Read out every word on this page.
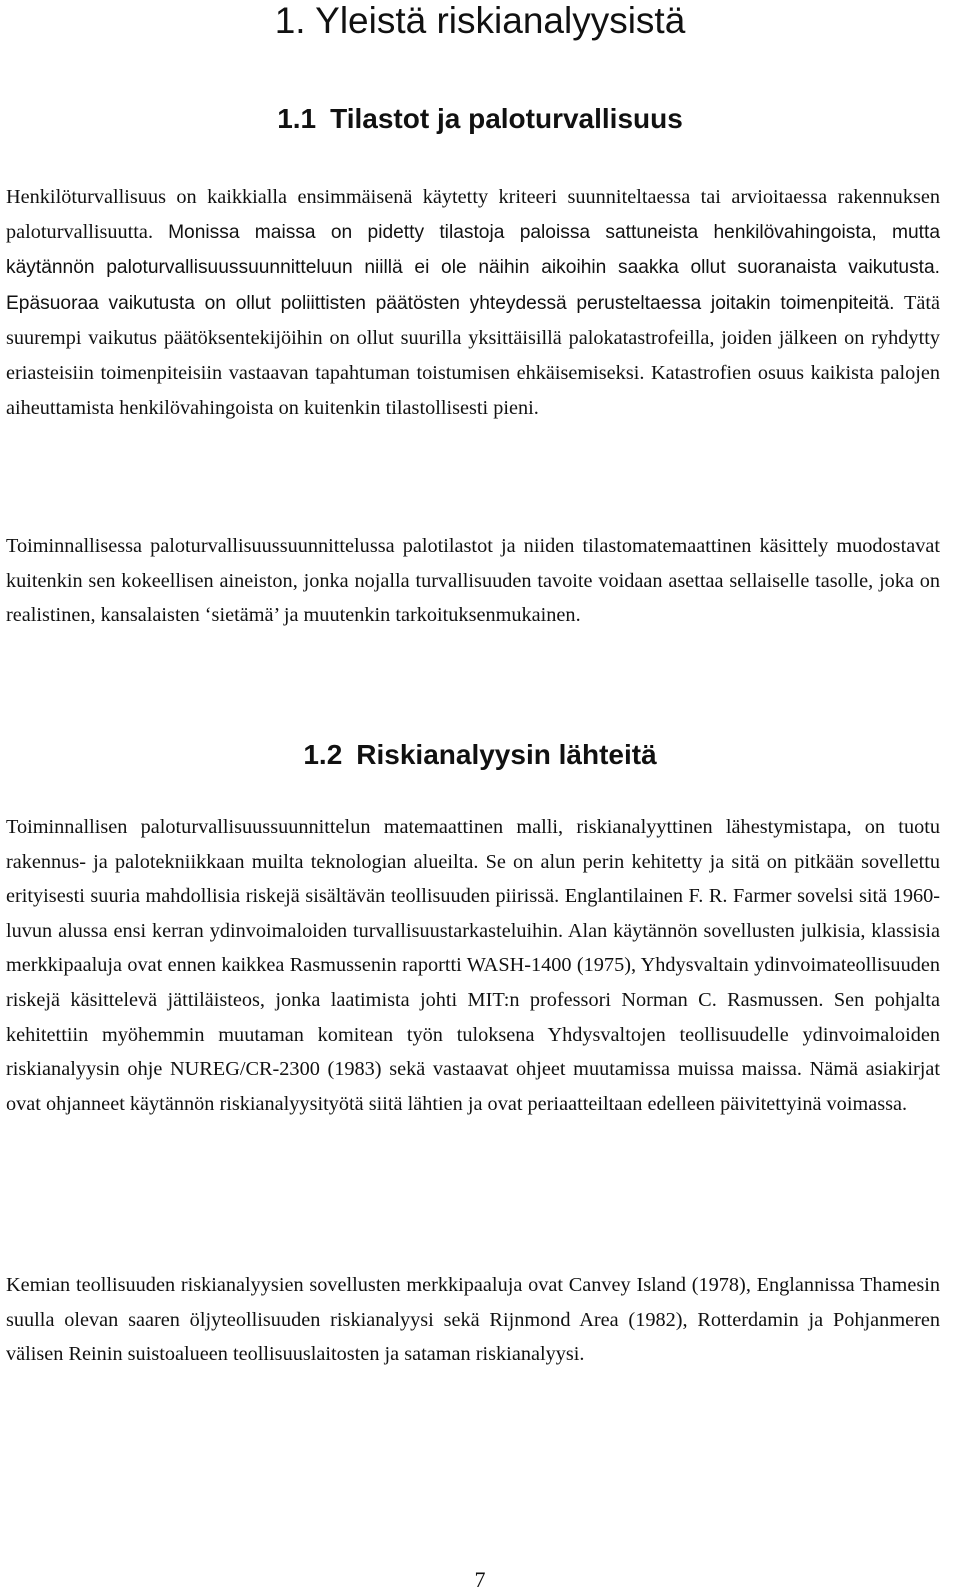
1. Yleistä riskianalyysistä
1.1 Tilastot ja paloturvallisuus

Henkilöturvallisuus on kaikkialla ensimmäisenä käytetty kriteeri suunniteltaessa tai arvioitaessa rakennuksen paloturvallisuutta. Monissa maissa on pidetty tilastoja paloissa sattuneista henkilövahingoista, mutta käytännön paloturvallisuussuunnitteluun niillä ei ole näihin aikoihin saakka ollut suoranaista vaikutusta. Epäsuoraa vaikutusta on ollut poliittisten päätösten yhteydessä perusteltaessa joitakin toimenpiteitä. Tätä suurempi vaikutus päätöksentekijöihin on ollut suurilla yksittäisillä palokatastrofeilla, joiden jälkeen on ryhdytty eriasteisiin toimenpiteisiin vastaavan tapahtuman toistumisen ehkäisemiseksi. Katastrofien osuus kaikista palojen aiheuttamista henkilövahingoista on kuitenkin tilastollisesti pieni.

Toiminnallisessa paloturvallisuussuunnittelussa palotilastot ja niiden tilastomatemaattinen käsittely muodostavat kuitenkin sen kokeellisen aineiston, jonka nojalla turvallisuuden tavoite voidaan asettaa sellaiselle tasolle, joka on realistinen, kansalaisten ‘sietämä’ ja muutenkin tarkoituksenmukainen.

1.2 Riskianalyysin lähteitä

Toiminnallisen paloturvallisuussuunnittelun matemaattinen malli, riskianalyyttinen lähestymistapa, on tuotu rakennus- ja palotekniikkaan muilta teknologian alueilta. Se on alun perin kehitetty ja sitä on pitkään sovellettu erityisesti suuria mahdollisia riskejä sisältävän teollisuuden piirissä. Englantilainen F. R. Farmer sovelsi sitä 1960-luvun alussa ensi kerran ydinvoimaloiden turvallisuustarkasteluihin. Alan käytännön sovellusten julkisia, klassisia merkkipaaluja ovat ennen kaikkea Rasmussenin raportti WASH-1400 (1975), Yhdysvaltain ydinvoimateollisuuden riskejä käsittelevä jättiläisteos, jonka laatimista johti MIT:n professori Norman C. Rasmussen. Sen pohjalta kehitettiin myöhemmin muutaman komitean työn tuloksena Yhdysvaltojen teollisuudelle ydinvoimaloiden riskianalyysin ohje NUREG/CR-2300 (1983) sekä vastaavat ohjeet muutamissa muissa maissa. Nämä asiakirjat ovat ohjanneet käytännön riskianalyysityötä siitä lähtien ja ovat periaatteiltaan edelleen päivitettyinä voimassa.

Kemian teollisuuden riskianalyysien sovellusten merkkipaaluja ovat Canvey Island (1978), Englannissa Thamesin suulla olevan saaren öljyteollisuuden riskianalyysi sekä Rijnmond Area (1982), Rotterdamin ja Pohjanmeren välisen Reinin suistoalueen teollisuuslaitosten ja sataman riskianalyysi.

7
